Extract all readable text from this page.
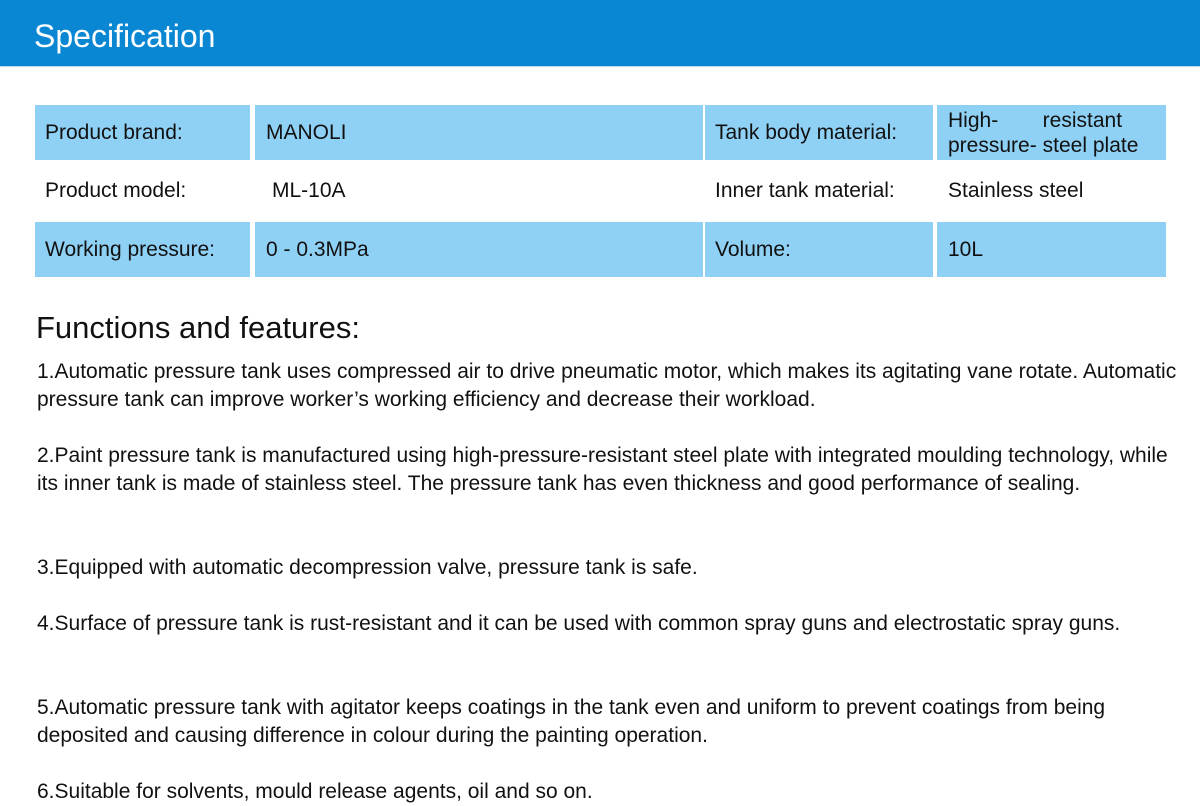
Specification
Product brand:	MANOLI	Tank body material:	High-pressure-
resistant steel plate
Product model:	ML-10A	Inner tank material:	Stainless steel
Working pressure:	0 - 0.3MPa	Volume:	10L
Functions and features:
1.Automatic pressure tank uses compressed air to drive pneumatic motor, which makes its agitating vane rotate. Automatic pressure tank can improve worker’s working efficiency and decrease their workload.
2.Paint pressure tank is manufactured using high-pressure-resistant steel plate with integrated moulding technology, while its inner tank is made of stainless steel. The pressure tank has even thickness and good performance of sealing.
3.Equipped with automatic decompression valve, pressure tank is safe.
4.Surface of pressure tank is rust-resistant and it can be used with common spray guns and electrostatic spray guns.
5.Automatic pressure tank with agitator keeps coatings in the tank even and uniform to prevent coatings from being deposited and causing difference in colour during the painting operation.
6.Suitable for solvents, mould release agents, oil and so on.
